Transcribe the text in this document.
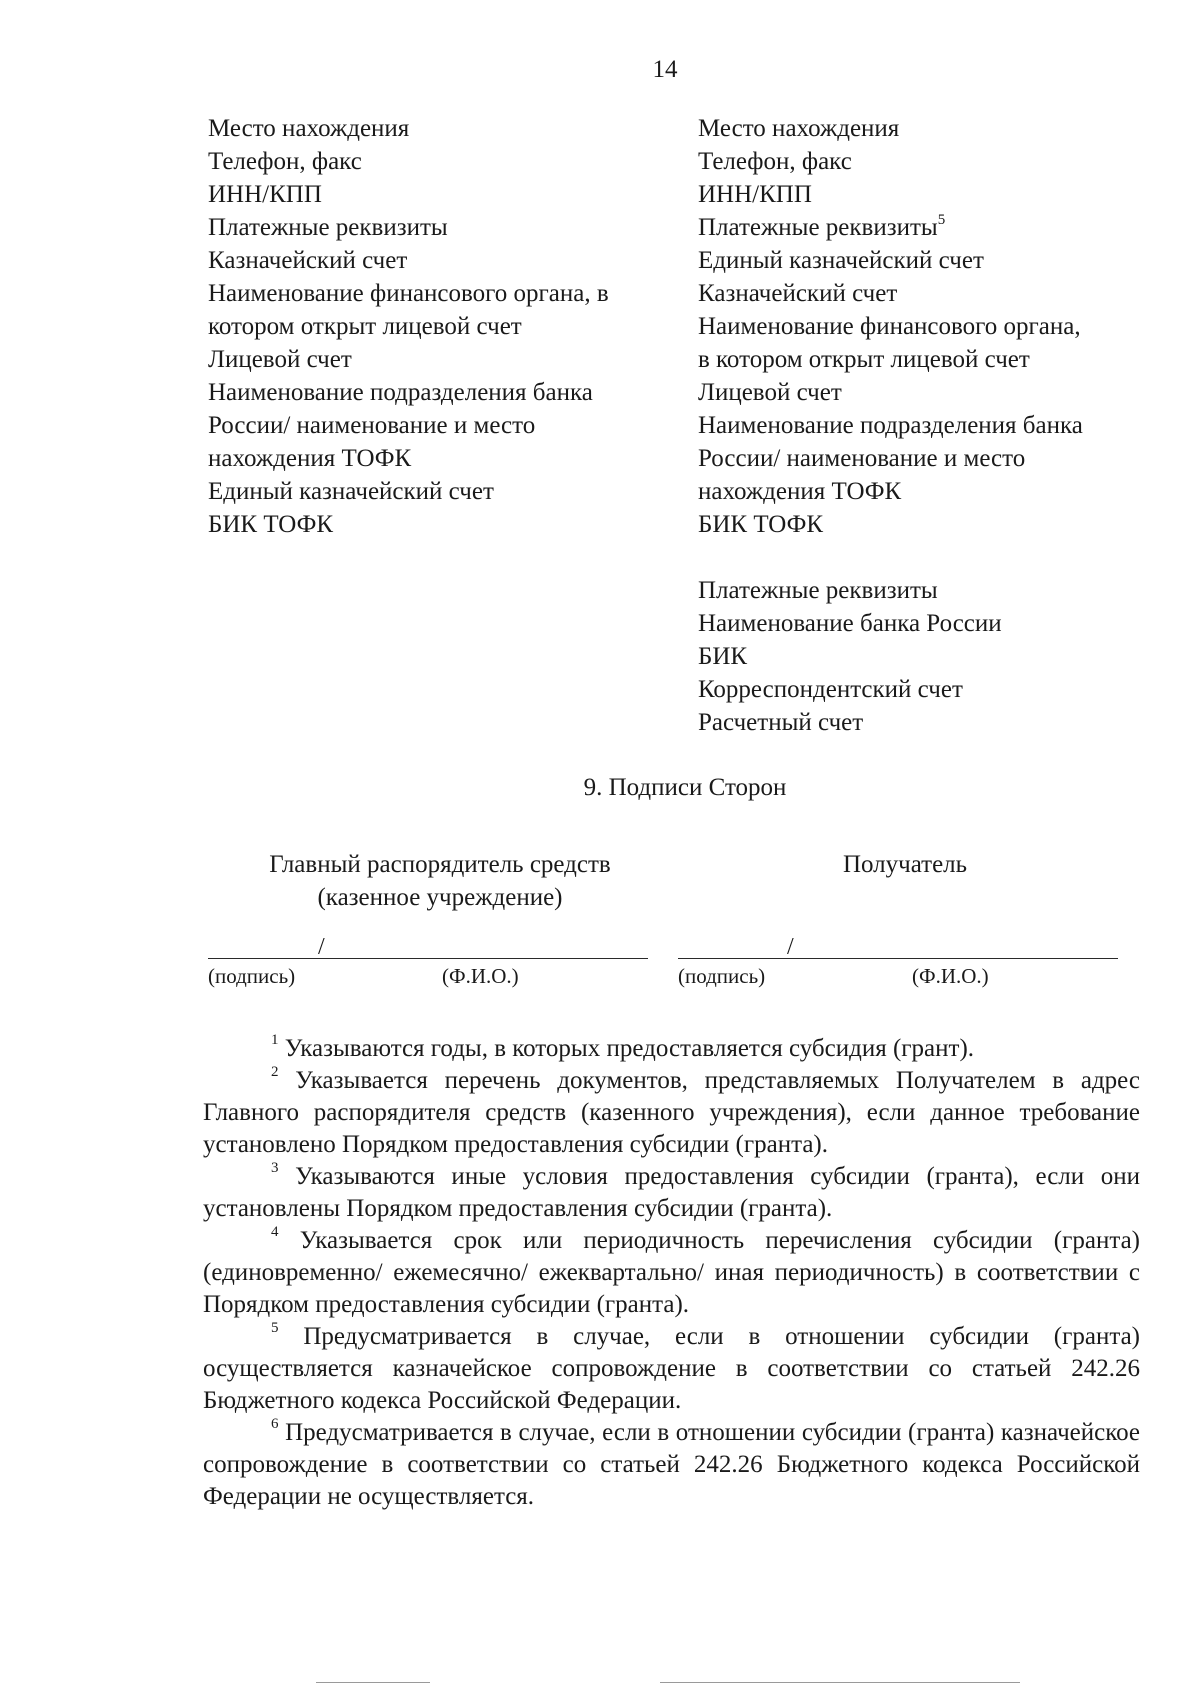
14
Место нахождения
Телефон, факс
ИНН/КПП
Платежные реквизиты
Казначейский счет
Наименование финансового органа, в
котором открыт лицевой счет
Лицевой счет
Наименование подразделения банка
России/ наименование и место
нахождения ТОФК
Единый казначейский счет
БИК ТОФК
Место нахождения
Телефон, факс
ИНН/КПП
Платежные реквизиты$^5$
Единый казначейский счет
Казначейский счет
Наименование финансового органа,
в котором открыт лицевой счет
Лицевой счет
Наименование подразделения банка
России/ наименование и место
нахождения ТОФК
БИК ТОФК
Платежные реквизиты
Наименование банка России
БИК
Корреспондентский счет
Расчетный счет
9. Подписи Сторон
Главный распорядитель средств
(казенное учреждение)
Получатель
/
(подпись)	(Ф.И.О.)
/
(подпись)	(Ф.И.О.)

$^1$ Указываются годы, в которых предоставляется субсидия (грант).

$^2$ Указывается перечень документов, представляемых Получателем в адрес Главного распорядителя средств (казенного учреждения), если данное требование установлено Порядком предоставления субсидии (гранта).

$^3$ Указываются иные условия предоставления субсидии (гранта), если они установлены Порядком предоставления субсидии (гранта).

$^4$ Указывается срок или периодичность перечисления субсидии (гранта) (единовременно/ ежемесячно/ ежеквартально/ иная периодичность) в соответствии с Порядком предоставления субсидии (гранта).

$^5$ Предусматривается в случае, если в отношении субсидии (гранта) осуществляется казначейское сопровождение в соответствии со статьей 242.26 Бюджетного кодекса Российской Федерации.

$^6$ Предусматривается в случае, если в отношении субсидии (гранта) казначейское сопровождение в соответствии со статьей 242.26 Бюджетного кодекса Российской Федерации не осуществляется.
